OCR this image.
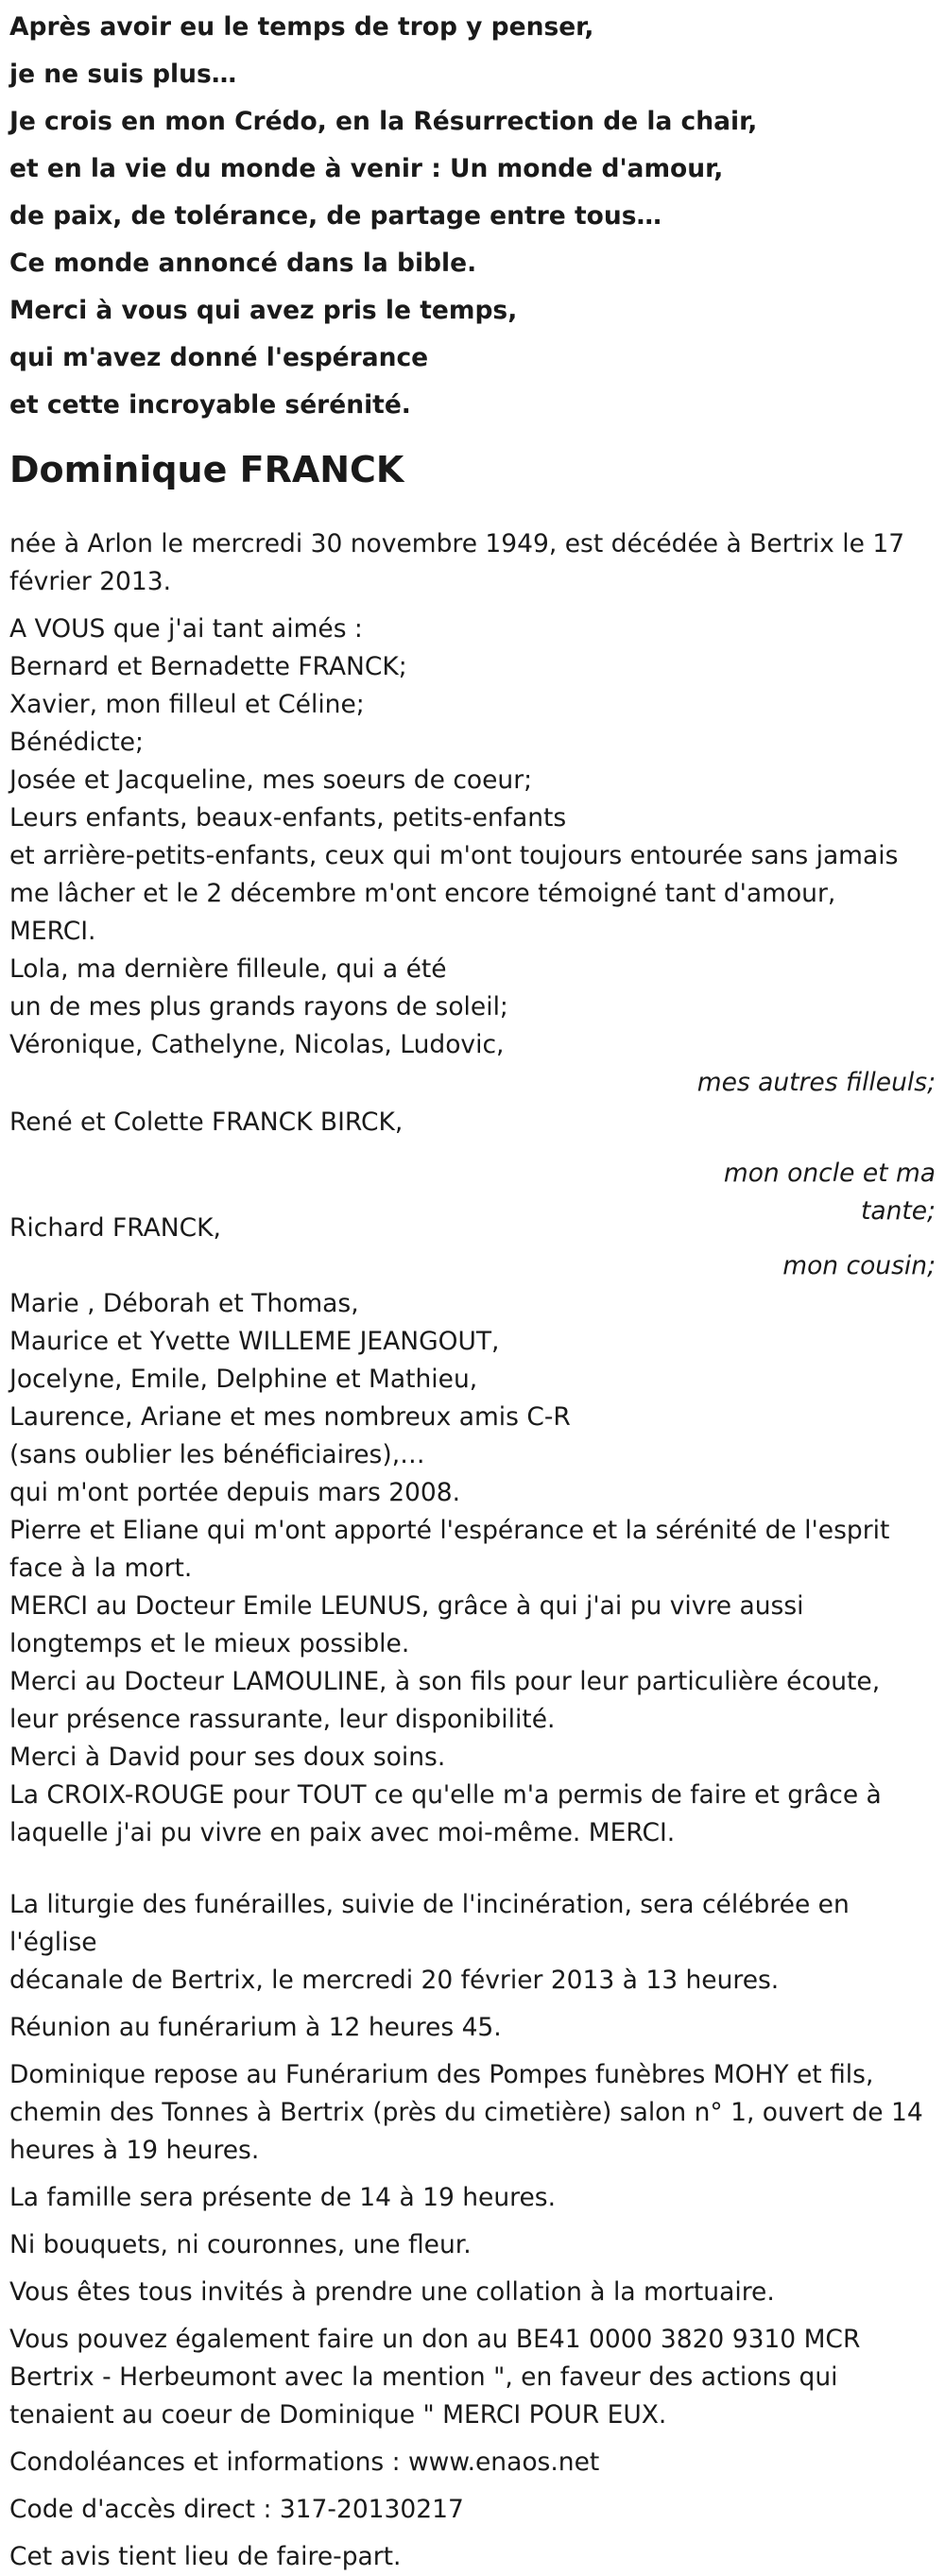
Après avoir eu le temps de trop y penser,
je ne suis plus…
Je crois en mon Crédo, en la Résurrection de la chair,
et en la vie du monde à venir : Un monde d'amour,
de paix, de tolérance, de partage entre tous…
Ce monde annoncé dans la bible.
Merci à vous qui avez pris le temps,
qui m'avez donné l'espérance
et cette incroyable sérénité.
Dominique FRANCK

née à Arlon le mercredi 30 novembre 1949, est décédée à Bertrix le 17

février 2013.

A VOUS que j'ai tant aimés :

Bernard et Bernadette FRANCK;

Xavier, mon filleul et Céline;

Bénédicte;

Josée et Jacqueline, mes soeurs de coeur;

Leurs enfants, beaux-enfants, petits-enfants

et arrière-petits-enfants, ceux qui m'ont toujours entourée sans jamais

me lâcher et le 2 décembre m'ont encore témoigné tant d'amour,

MERCI.

Lola, ma dernière filleule, qui a été

un de mes plus grands rayons de soleil;

Véronique, Cathelyne, Nicolas, Ludovic,

mes autres filleuls;

René et Colette FRANCK BIRCK,

mon oncle et ma

tante;

Richard FRANCK,

mon cousin;

Marie , Déborah et Thomas,

Maurice et Yvette WILLEME JEANGOUT,

Jocelyne, Emile, Delphine et Mathieu,

Laurence, Ariane et mes nombreux amis C-R

(sans oublier les bénéficiaires),…

qui m'ont portée depuis mars 2008.

Pierre et Eliane qui m'ont apporté l'espérance et la sérénité de l'esprit

face à la mort.

MERCI au Docteur Emile LEUNUS, grâce à qui j'ai pu vivre aussi

longtemps et le mieux possible.

Merci au Docteur LAMOULINE, à son fils pour leur particulière écoute,

leur présence rassurante, leur disponibilité.

Merci à David pour ses doux soins.

La CROIX-ROUGE pour TOUT ce qu'elle m'a permis de faire et grâce à

laquelle j'ai pu vivre en paix avec moi-même. MERCI.

La liturgie des funérailles, suivie de l'incinération, sera célébrée en l'église

décanale de Bertrix, le mercredi 20 février 2013 à 13 heures.

Réunion au funérarium à 12 heures 45.

Dominique repose au Funérarium des Pompes funèbres MOHY et fils,

chemin des Tonnes à Bertrix (près du cimetière) salon n° 1, ouvert de 14

heures à 19 heures.

La famille sera présente de 14 à 19 heures.

Ni bouquets, ni couronnes, une fleur.

Vous êtes tous invités à prendre une collation à la mortuaire.

Vous pouvez également faire un don au BE41 0000 3820 9310 MCR

Bertrix - Herbeumont avec la mention ", en faveur des actions qui

tenaient au coeur de Dominique " MERCI POUR EUX.

Condoléances et informations : www.enaos.net

Code d'accès direct : 317-20130217

Cet avis tient lieu de faire-part.
